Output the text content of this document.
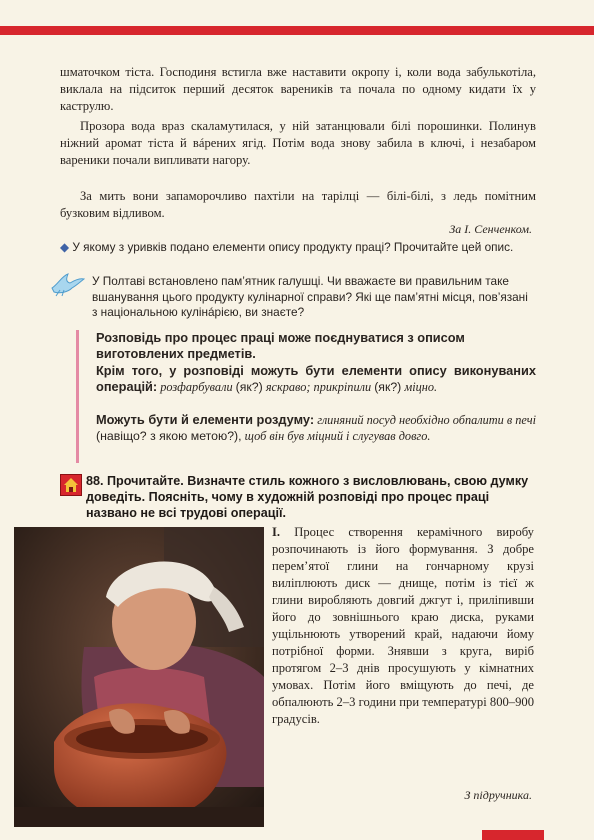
шматочком тіста. Господиня встигла вже наставити окропу і, коли вода забулькотіла, виклала на підситок перший десяток вареників та почала по одному кидати їх у каструлю.

Прозора вода враз скаламутилася, у ній затанцювали білі порошинки. Полинув ніжний аромат тіста й вáрених ягід. Потім вода знову забила в ключі, і незабаром вареники почали випливати нагору.

За мить вони запаморочливо пахтіли на тарілці — білі-білі, з ледь помітним бузковим відливом.

За І. Сенченком.

◆ У якому з уривків подано елементи опису продукту праці? Прочитайте цей опис.

У Полтаві встановлено пам’ятник галушці. Чи вважаєте ви правильним таке вшанування цього продукту кулінарної справи? Які ще пам’ятні місця, пов’язані з національною кулінáрією, ви знаєте?

Розповідь про процес праці може поєднуватися з описом виготовлених предметів.

Крім того, у розповіді можуть бути елементи опису виконуваних операцій: розфарбували (як?) яскраво; прикріпили (як?) міцно.

Можуть бути й елементи роздуму: глиняний посуд необхідно обпалити в печі (навіщо? з якою метою?), щоб він був міцний і слугував довго.

88. Прочитайте. Визначте стиль кожного з висловлювань, свою думку доведіть. Поясніть, чому в художній розповіді про процес праці названо не всі трудові операції.

I. Процес створення керамічного виробу розпочинають із його формування. З добре перем’ятої глини на гончарному крузі виліплюють диск — днище, потім із тієї ж глини виробляють довгий джгут і, приліпивши його до зовнішнього краю диска, руками ущільнюють утворений край, надаючи йому потрібної форми. Знявши з круга, виріб протягом 2–3 днів просушують у кімнатних умовах. Потім його вміщують до печі, де обпалюють 2–3 години при температурі 800–900 градусів.

З підручника.
